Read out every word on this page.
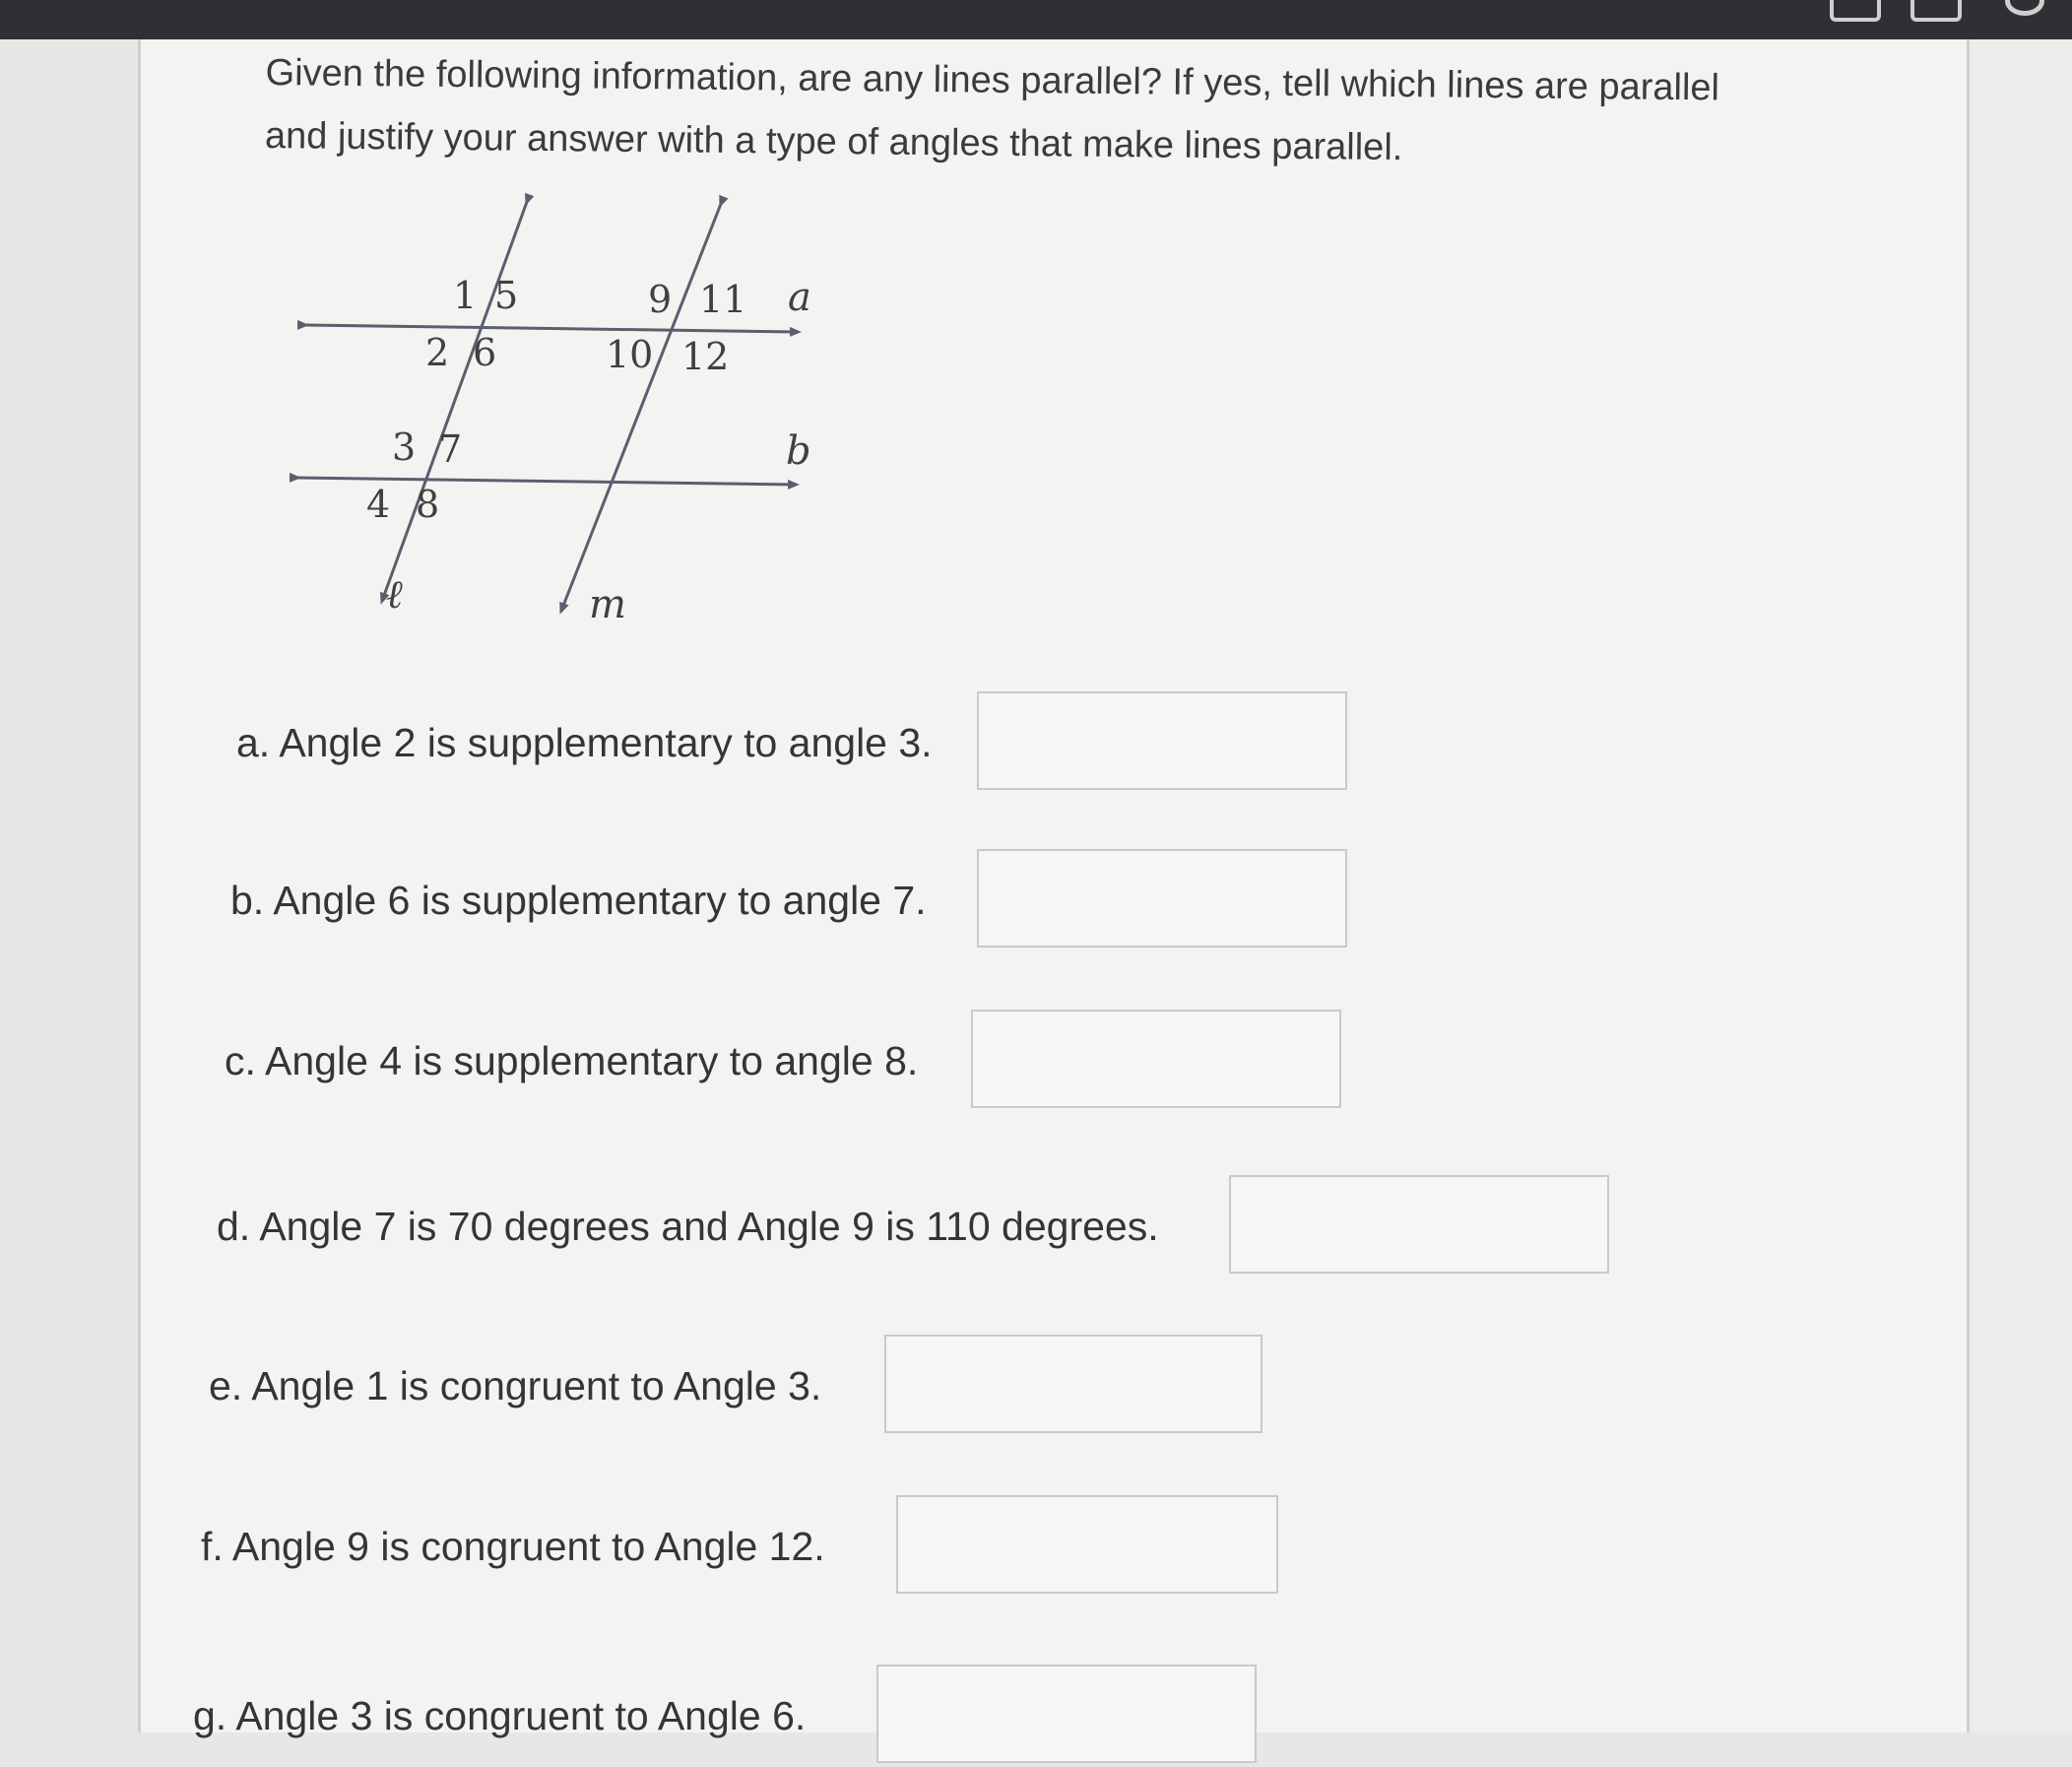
Given the following information, are any lines parallel? If yes, tell which lines are parallel
and justify your answer with a type of angles that make lines parallel.
1 5
2 6
9 11
10 12
3 7
4 8
a
b
ℓ	m
a. Angle 2 is supplementary to angle 3.
b. Angle 6 is supplementary to angle 7.
c. Angle 4 is supplementary to angle 8.
d. Angle 7 is 70 degrees and Angle 9 is 110 degrees.
e. Angle 1 is congruent to Angle 3.
f. Angle 9 is congruent to Angle 12.
g. Angle 3 is congruent to Angle 6.
